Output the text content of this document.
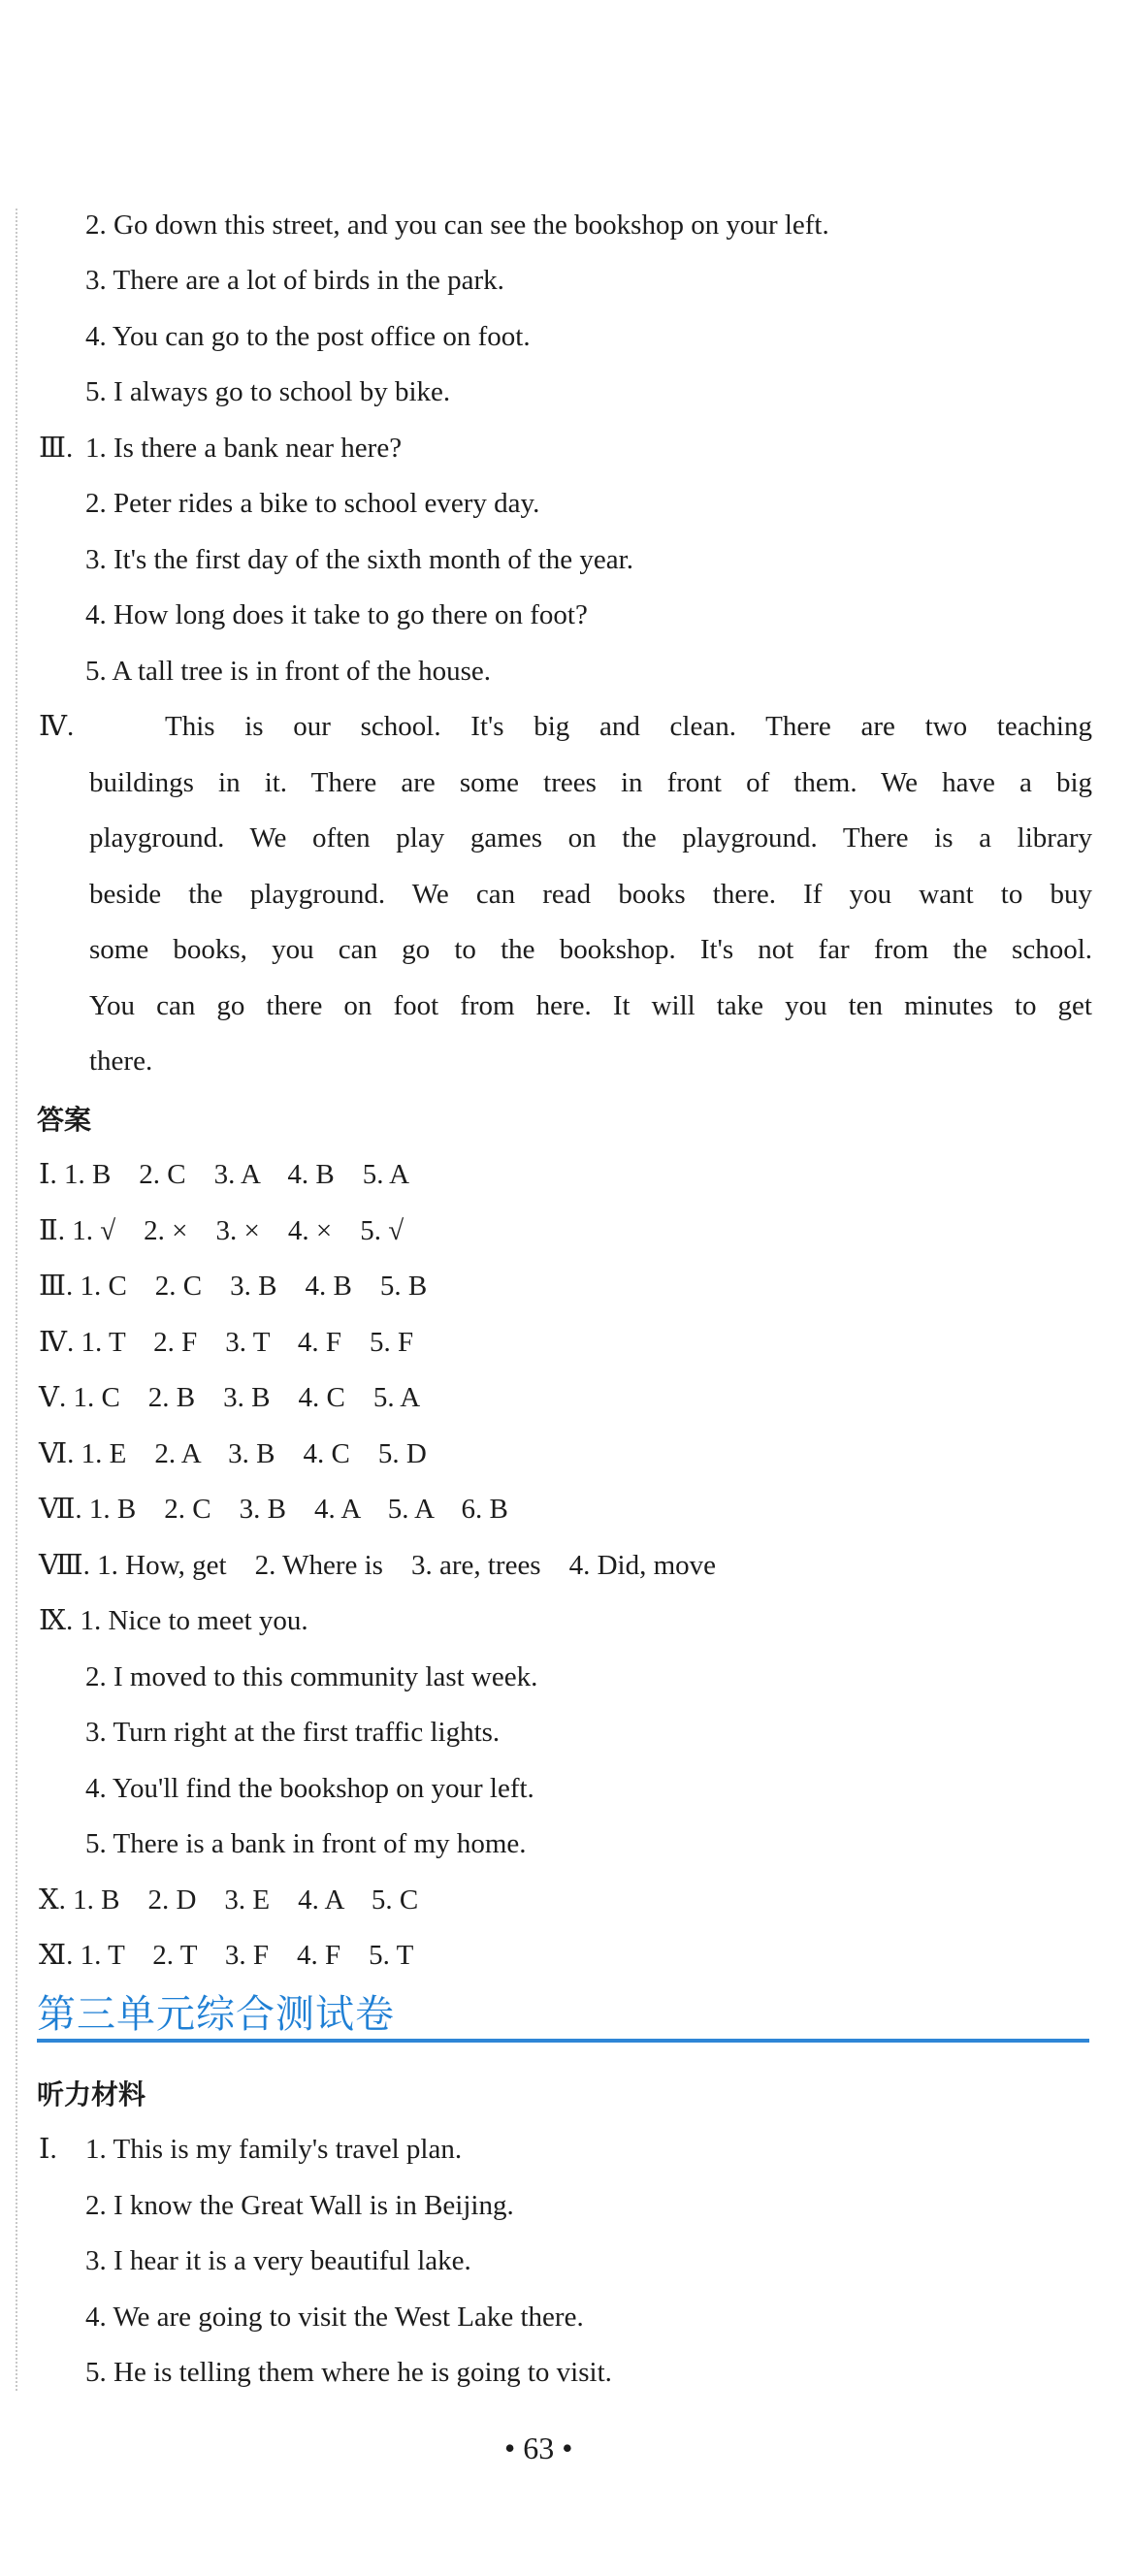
2. Go down this street, and you can see the bookshop on your left.
3. There are a lot of birds in the park.
4. You can go to the post office on foot.
5. I always go to school by bike.
Ⅲ. 1. Is there a bank near here?
2. Peter rides a bike to school every day.
3. It's the first day of the sixth month of the year.
4. How long does it take to go there on foot?
5. A tall tree is in front of the house.
Ⅳ.	This is our school. It's big and clean. There are two teaching
buildings in it. There are some trees in front of them. We have a big
playground. We often play games on the playground. There is a library
beside the playground. We can read books there. If you want to buy
some books, you can go to the bookshop. It's not far from the school.
You can go there on foot from here. It will take you ten minutes to get
there.
答案
Ⅰ. 1. B    2. C    3. A    4. B    5. A
Ⅱ. 1. √    2. ×    3. ×    4. ×    5. √
Ⅲ. 1. C    2. C    3. B    4. B    5. B
Ⅳ. 1. T    2. F    3. T    4. F    5. F
Ⅴ. 1. C    2. B    3. B    4. C    5. A
Ⅵ. 1. E    2. A    3. B    4. C    5. D
Ⅶ. 1. B    2. C    3. B    4. A    5. A    6. B
Ⅷ. 1. How, get    2. Where is    3. are, trees    4. Did, move
Ⅸ. 1. Nice to meet you.
2. I moved to this community last week.
3. Turn right at the first traffic lights.
4. You'll find the bookshop on your left.
5. There is a bank in front of my home.
Ⅹ. 1. B    2. D    3. E    4. A    5. C
Ⅺ. 1. T    2. T    3. F    4. F    5. T
第三单元综合测试卷
听力材料
Ⅰ. 1. This is my family's travel plan.
2. I know the Great Wall is in Beijing.
3. I hear it is a very beautiful lake.
4. We are going to visit the West Lake there.
5. He is telling them where he is going to visit.
• 63 •
